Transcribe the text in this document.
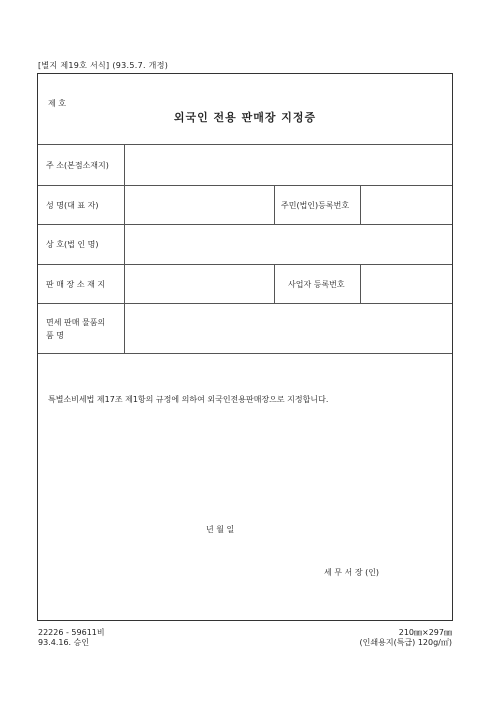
[별지 제19호 서식] (93.5.7. 개정)
제 호
외국인 전용 판매장 지정증
주 소(본점소재지)
성 명(대 표 자)	주민(법인)등록번호
상 호(법 인 명)
판 매 장 소 재 지	사업자 등록번호
면세 판매 물품의
품 명
특별소비세법 제17조 제1항의 규정에 의하여 외국인전용판매장으로 지정합니다.
년 월 일
세 무 서 장 (인)
22226 - 59611비
93.4.16. 승인
210㎜×297㎜
(인쇄용지(특급) 120g/㎡)
